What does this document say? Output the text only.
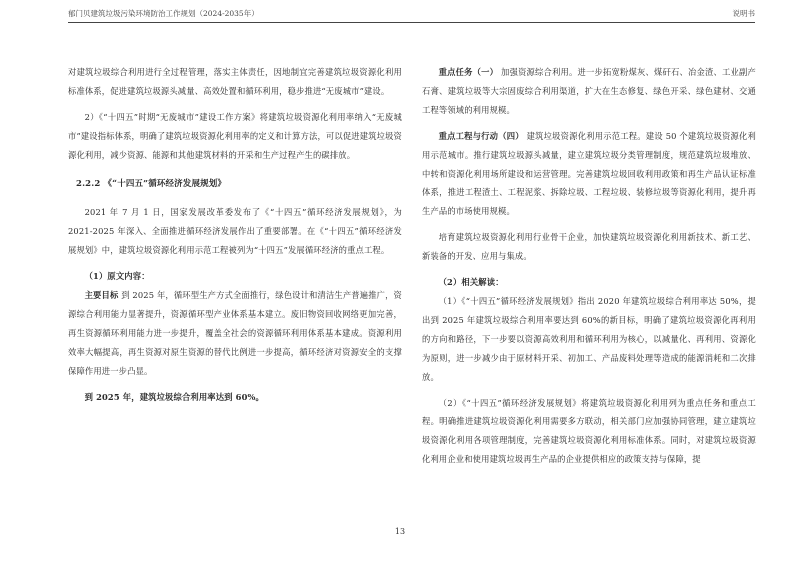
郁门贝建筑垃圾污染环境防治工作规划（2024-2035年）	说明书

对建筑垃圾综合利用进行全过程管理，落实主体责任，因地制宜完善建筑垃圾资源化利用标准体系，促进建筑垃圾源头减量、高效处置和循环利用，稳步推进“无废城市”建设。

2）《“十四五”时期“无废城市”建设工作方案》将建筑垃圾资源化利用率纳入“无废城市”建设指标体系，明确了建筑垃圾资源化利用率的定义和计算方法，可以促进建筑垃圾资源化利用，减少资源、能源和其他建筑材料的开采和生产过程产生的碳排放。

2.2.2 《“十四五”循环经济发展规划》

2021 年 7 月 1 日，国家发展改革委发布了《“十四五”循环经济发展规划》，为 2021-2025 年深入、全面推进循环经济发展作出了重要部署。在《“十四五”循环经济发展规划》中，建筑垃圾资源化利用示范工程被列为“十四五”发展循环经济的重点工程。

（1）原文内容：

主要目标 到 2025 年，循环型生产方式全面推行，绿色设计和清洁生产普遍推广，资源综合利用能力显著提升，资源循环型产业体系基本建立。废旧物资回收网络更加完善，再生资源循环利用能力进一步提升，覆盖全社会的资源循环利用体系基本建成。资源利用效率大幅提高，再生资源对原生资源的替代比例进一步提高，循环经济对资源安全的支撑保障作用进一步凸显。

到 2025 年，建筑垃圾综合利用率达到 60%。

重点任务（一） 加强资源综合利用。进一步拓宽粉煤灰、煤矸石、冶金渣、工业副产石膏、建筑垃圾等大宗固废综合利用渠道，扩大在生态修复、绿色开采、绿色建材、交通工程等领域的利用规模。

重点工程与行动（四） 建筑垃圾资源化利用示范工程。建设 50 个建筑垃圾资源化利用示范城市。推行建筑垃圾源头减量，建立建筑垃圾分类管理制度，规范建筑垃圾堆放、中转和资源化利用场所建设和运营管理。完善建筑垃圾回收利用政策和再生产品认证标准体系，推进工程渣土、工程泥浆、拆除垃圾、工程垃圾、装修垃圾等资源化利用，提升再生产品的市场使用规模。

培育建筑垃圾资源化利用行业骨干企业，加快建筑垃圾资源化利用新技术、新工艺、新装备的开发、应用与集成。

（2）相关解读：

（1）《“十四五”循环经济发展规划》指出 2020 年建筑垃圾综合利用率达 50%，提出到 2025 年建筑垃圾综合利用率要达到 60%的新目标，明确了建筑垃圾资源化再利用的方向和路径，下一步要以资源高效利用和循环利用为核心，以减量化、再利用、资源化为原则，进一步减少由于原材料开采、初加工、产品废料处理等造成的能源消耗和二次排放。

（2）《“十四五”循环经济发展规划》将建筑垃圾资源化利用列为重点任务和重点工程。明确推进建筑垃圾资源化利用需要多方联动，相关部门应加强协同管理，建立建筑垃圾资源化利用各项管理制度，完善建筑垃圾资源化利用标准体系。同时，对建筑垃圾资源化利用企业和使用建筑垃圾再生产品的企业提供相应的政策支持与保障，提

13
